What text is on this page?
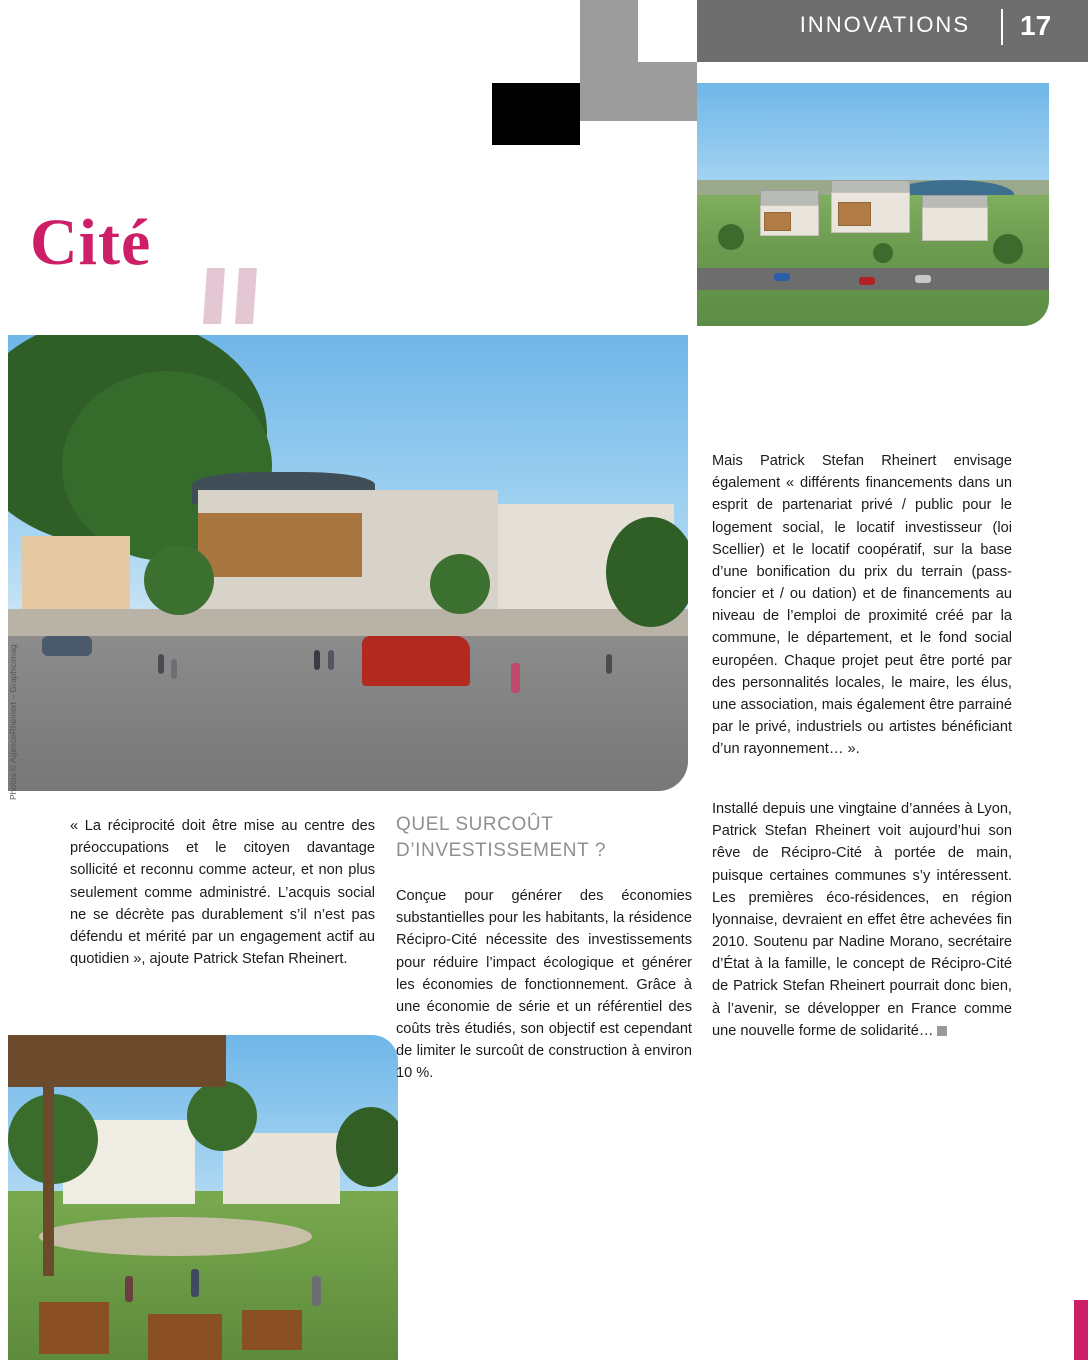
INNOVATIONS 17
Cité
Photos © AgenceRheinert – Graphicimag

« La réciprocité doit être mise au centre des préoccupations et le citoyen davantage sollicité et reconnu comme acteur, et non plus seulement comme administré. L’acquis social ne se décrète pas durablement s’il n’est pas défendu et mérité par un engagement actif au quotidien », ajoute Patrick Stefan Rheinert.

QUEL SURCOÛT
D’INVESTISSEMENT ?

Conçue pour générer des économies substantielles pour les habitants, la résidence Récipro-Cité nécessite des investissements pour réduire l’impact écologique et générer les économies de fonctionnement. Grâce à une économie de série et un référentiel des coûts très étudiés, son objectif est cependant de limiter le surcoût de construction à environ 10 %.

Mais Patrick Stefan Rheinert envisage également « différents financements dans un esprit de partenariat privé / public pour le logement social, le locatif investisseur (loi Scellier) et le locatif coopératif, sur la base d’une bonification du prix du terrain (pass-foncier et / ou dation) et de financements au niveau de l’emploi de proximité créé par la commune, le département, et le fond social européen. Chaque projet peut être porté par des personnalités locales, le maire, les élus, une association, mais également être parrainé par le privé, industriels ou artistes bénéficiant d’un rayonnement… ».

Installé depuis une vingtaine d’années à Lyon, Patrick Stefan Rheinert voit aujourd’hui son rêve de Récipro-Cité à portée de main, puisque certaines communes s’y intéressent. Les premières éco-résidences, en région lyonnaise, devraient en effet être achevées fin 2010. Soutenu par Nadine Morano, secrétaire d’État à la famille, le concept de Récipro-Cité de Patrick Stefan Rheinert pourrait donc bien, à l’avenir, se développer en France comme une nouvelle forme de solidarité…
